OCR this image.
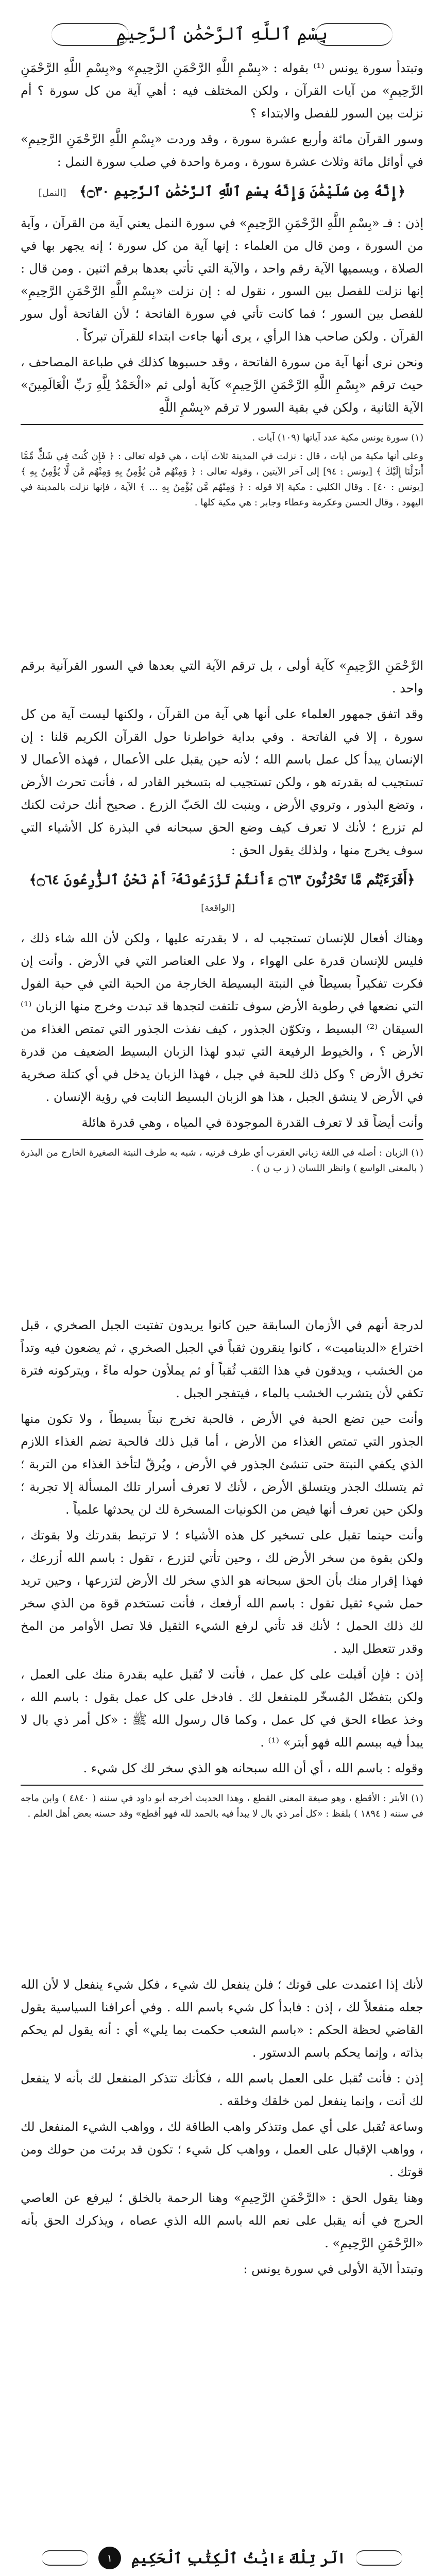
بِسْمِ ٱللَّهِ ٱلرَّحْمَٰنِ ٱلرَّحِيمِ

وتبتدأ سورة يونس ⁽¹⁾ بقوله : «بِسْمِ اللَّهِ الرَّحْمَنِ الرَّحِيمِ» و«بِسْمِ اللَّهِ الرَّحْمَنِ الرَّحِيمِ» من آيات القرآن ، ولكن المختلف فيه : أهي آية من كل سورة ؟ أم نزلت بين السور للفصل والابتداء ؟

وسور القرآن مائة وأربع عشرة سورة ، وقد وردت «بِسْمِ اللَّهِ الرَّحْمَنِ الرَّحِيمِ» في أوائل مائة وثلاث عشرة سورة ، ومرة واحدة في صلب سورة النمل :

﴿إِنَّهُ مِن سُلَيْمَٰنَ وَإِنَّهُ بِسْمِ ٱللَّهِ ٱلرَّحْمَٰنِ ٱلرَّحِيمِ ۝٣٠﴾ [النمل]

إذن : فـ «بِسْمِ اللَّهِ الرَّحْمَنِ الرَّحِيمِ» في سورة النمل يعني آية من القرآن ، وآية من السورة ، ومن قال من العلماء : إنها آية من كل سورة ؛ إنه يجهر بها في الصلاة ، ويسميها الآية رقم واحد ، والآية التي تأتي بعدها برقم اثنين . ومن قال : إنها نزلت للفصل بين السور ، نقول له : إن نزلت «بِسْمِ اللَّهِ الرَّحْمَنِ الرَّحِيمِ» للفصل بين السور ؛ فما كانت تأتي في سورة الفاتحة ؛ لأن الفاتحة أول سور القرآن . ولكن صاحب هذا الرأي ، يرى أنها جاءت ابتداء للقرآن تبركاً .

ونحن نرى أنها آية من سورة الفاتحة ، وقد حسبوها كذلك في طباعة المصاحف ، حيث ترقم «بِسْمِ اللَّهِ الرَّحْمَنِ الرَّحِيمِ» كآية أولى ثم «الْحَمْدُ لِلَّهِ رَبِّ الْعَالَمِينَ» الآية الثانية ، ولكن في بقية السور لا ترقم «بِسْمِ اللَّهِ

(١) سورة يونس مكية عدد آياتها (١٠٩) آيات .

وعلى أنها مكية من أيات ، قال : نزلت في المدينة ثلاث آيات ، هي قوله تعالى : ﴿ فَإِن كُنتَ فِي شَكٍّ مِّمَّا أَنزَلْنَا إِلَيْكَ ﴾ [يونس : ٩٤] إلى آخر الآيتين ، وقوله تعالى : ﴿ وَمِنْهُم مَّن يُؤْمِنُ بِهِ وَمِنْهُم مَّن لَّا يُؤْمِنُ بِهِ ﴾ [يونس : ٤٠] . وقال الكلبي : مكية إلا قوله : ﴿ وَمِنْهُم مَّن يُؤْمِنُ بِهِ ... ﴾ الآية ، فإنها نزلت بالمدينة في اليهود ، وقال الحسن وعكرمة وعطاء وجابر : هي مكية كلها .

الرَّحْمَنِ الرَّحِيمِ» كآية أولى ، بل ترقم الآية التي بعدها في السور القرآنية برقم واحد .

وقد اتفق جمهور العلماء على أنها هي آية من القرآن ، ولكنها ليست آية من كل سورة ، إلا في الفاتحة . وفي بداية خواطرنا حول القرآن الكريم قلنا : إن الإنسان يبدأ كل عمل باسم الله ؛ لأنه حين يقبل على الأعمال ، فهذه الأعمال لا تستجيب له بقدرته هو ، ولكن تستجيب له بتسخير القادر له ، فأنت تحرث الأرض ، وتضع البذور ، وتروي الأرض ، وينبت لك الحَبّ الزرع . صحيح أنك حرثت لكنك لم تزرع ؛ لأنك لا تعرف كيف وضع الحق سبحانه في البذرة كل الأشياء التي سوف يخرج منها ، ولذلك يقول الحق :

﴿أَفَرَءَيْتُم مَّا تَحْرُثُونَ ۝٦٣ ءَأَنتُمْ تَزْرَعُونَهُۥٓ أَمْ نَحْنُ ٱلزَّٰرِعُونَ ۝٦٤﴾ [الواقعة]

وهناك أفعال للإنسان تستجيب له ، لا بقدرته عليها ، ولكن لأن الله شاء ذلك ، فليس للإنسان قدرة على الهواء ، ولا على العناصر التي في الأرض . وأنت إن فكرت تفكيراً بسيطاً في النبتة البسيطة الخارجة من الحبة التي في حبة الفول التي نضعها في رطوبة الأرض سوف تلتفت لتجدها قد تبدت وخرج منها الزبان ⁽¹⁾ السيقان ⁽²⁾ البسيط ، وتكوّن الجذور ، كيف نفذت الجذور التي تمتص الغذاء من الأرض ؟ ، والخيوط الرفيعة التي تبدو لهذا الزبان البسيط الضعيف من قدرة تخرق الأرض ؟ وكل ذلك للحبة في جبل ، فهذا الزبان يدخل في أي كتلة صخرية في الأرض لا ينشق الجبل ، هذا هو الزبان البسيط النابت في رؤية الإنسان .

وأنت أيضاً قد لا تعرف القدرة الموجودة في المياه ، وهي قدرة هائلة

(١) الزبان : أصله في اللغة زباني العقرب أي طرف قرنيه ، شبه به طرف النبتة الصغيرة الخارج من البذرة ( بالمعنى الواسع ) وانظر اللسان ( ز ب ن ) .

لدرجة أنهم في الأزمان السابقة حين كانوا يريدون تفتيت الجبل الصخري ، قبل اختراع «الديناميت» ، كانوا ينقرون ثقباً في الجبل الصخري ، ثم يضعون فيه وتداً من الخشب ، ويدقون في هذا الثقب ثُقباً أو ثم يملأون حوله ماءً ، ويتركونه فترة تكفي لأن يتشرب الخشب بالماء ، فيتفجر الجبل .

وأنت حين تضع الحبة في الأرض ، فالحبة تخرج نبتاً بسيطاً ، ولا تكون منها الجذور التي تمتص الغذاء من الأرض ، أما قبل ذلك فالحبة تضم الغذاء اللازم الذي يكفي النبتة حتى تنشئ الجذور في الأرض ، ويُرقّ لتأخذ الغذاء من التربة ؛ ثم يتسلك الجذر ويتسلق الأرض ، لأنك لا تعرف أسرار تلك المسألة إلا تجربة ؛ ولكن حين تعرف أنها فيض من الكونيات المسخرة لك لن يحدثها علمياً .

وأنت حينما تقبل على تسخير كل هذه الأشياء ؛ لا ترتبط بقدرتك ولا بقوتك ، ولكن بقوة من سخر الأرض لك ، وحين تأتي لتزرع ، تقول : باسم الله أزرعك ، فهذا إقرار منك بأن الحق سبحانه هو الذي سخر لك الأرض لتزرعها ، وحين تريد حمل شيء ثقيل تقول : باسم الله أرفعك ، فأنت تستخدم قوة من الذي سخر لك ذلك الحمل ؛ لأنك قد تأتي لرفع الشيء الثقيل فلا تصل الأوامر من المخ وقدر تتعطل اليد .

إذن : فإن أقبلت على كل عمل ، فأنت لا تُقبل عليه بقدرة منك على العمل ، ولكن بتفضّل المُسخّر للمنفعل لك . فادخل على كل عمل بقول : باسم الله ، وخذ عطاء الحق في كل عمل ، وكما قال رسول الله ﷺ : «كل أمر ذي بال لا يبدأ فيه ببسم الله فهو أبتر» ⁽¹⁾ .

وقوله : باسم الله ، أي أن الله سبحانه هو الذي سخر لك كل شيء .

(١) الأبتر : الأقطع ، وهو صيغة المعنى القطع ، وهذا الحديث أخرجه أبو داود في سننه ( ٤٨٤٠ ) وابن ماجه في سننه ( ١٨٩٤ ) بلفظ : «كل أمر ذي بال لا يبدأ فيه بالحمد لله فهو أقطع» وقد حسنه بعض أهل العلم .

لأنك إذا اعتمدت على قوتك ؛ فلن ينفعل لك شيء ، فكل شيء ينفعل لا لأن الله جعله منفعلاً لك ، إذن : فابدأ كل شيء باسم الله . وفي أعرافنا السياسية يقول القاضي لحظة الحكم : «باسم الشعب حكمت بما يلي» أي : أنه يقول لم يحكم بذاته ، وإنما يحكم باسم الدستور .

إذن : فأنت تُقبل على العمل باسم الله ، فكأنك تتذكر المنفعل لك بأنه لا ينفعل لك أنت ، وإنما ينفعل لمن خلقك وخلقه .

وساعة تُقبل على أي عمل وتتذكر واهب الطاقة لك ، وواهب الشيء المنفعل لك ، وواهب الإقبال على العمل ، وواهب كل شيء ؛ تكون قد برئت من حولك ومن قوتك .

وهنا يقول الحق : «الرَّحْمَنِ الرَّحِيمِ» وهنا الرحمة بالخلق ؛ ليرفع عن العاصي الحرج في أنه يقبل على نعم الله باسم الله الذي عصاه ، ويذكرك الحق بأنه «الرَّحْمَنِ الرَّحِيمِ» .

وتبتدأ الآية الأولى في سورة يونس :

الٓر تِلْكَ ءَايَٰتُ ٱلْكِتَٰبِ ٱلْحَكِيمِ
١
